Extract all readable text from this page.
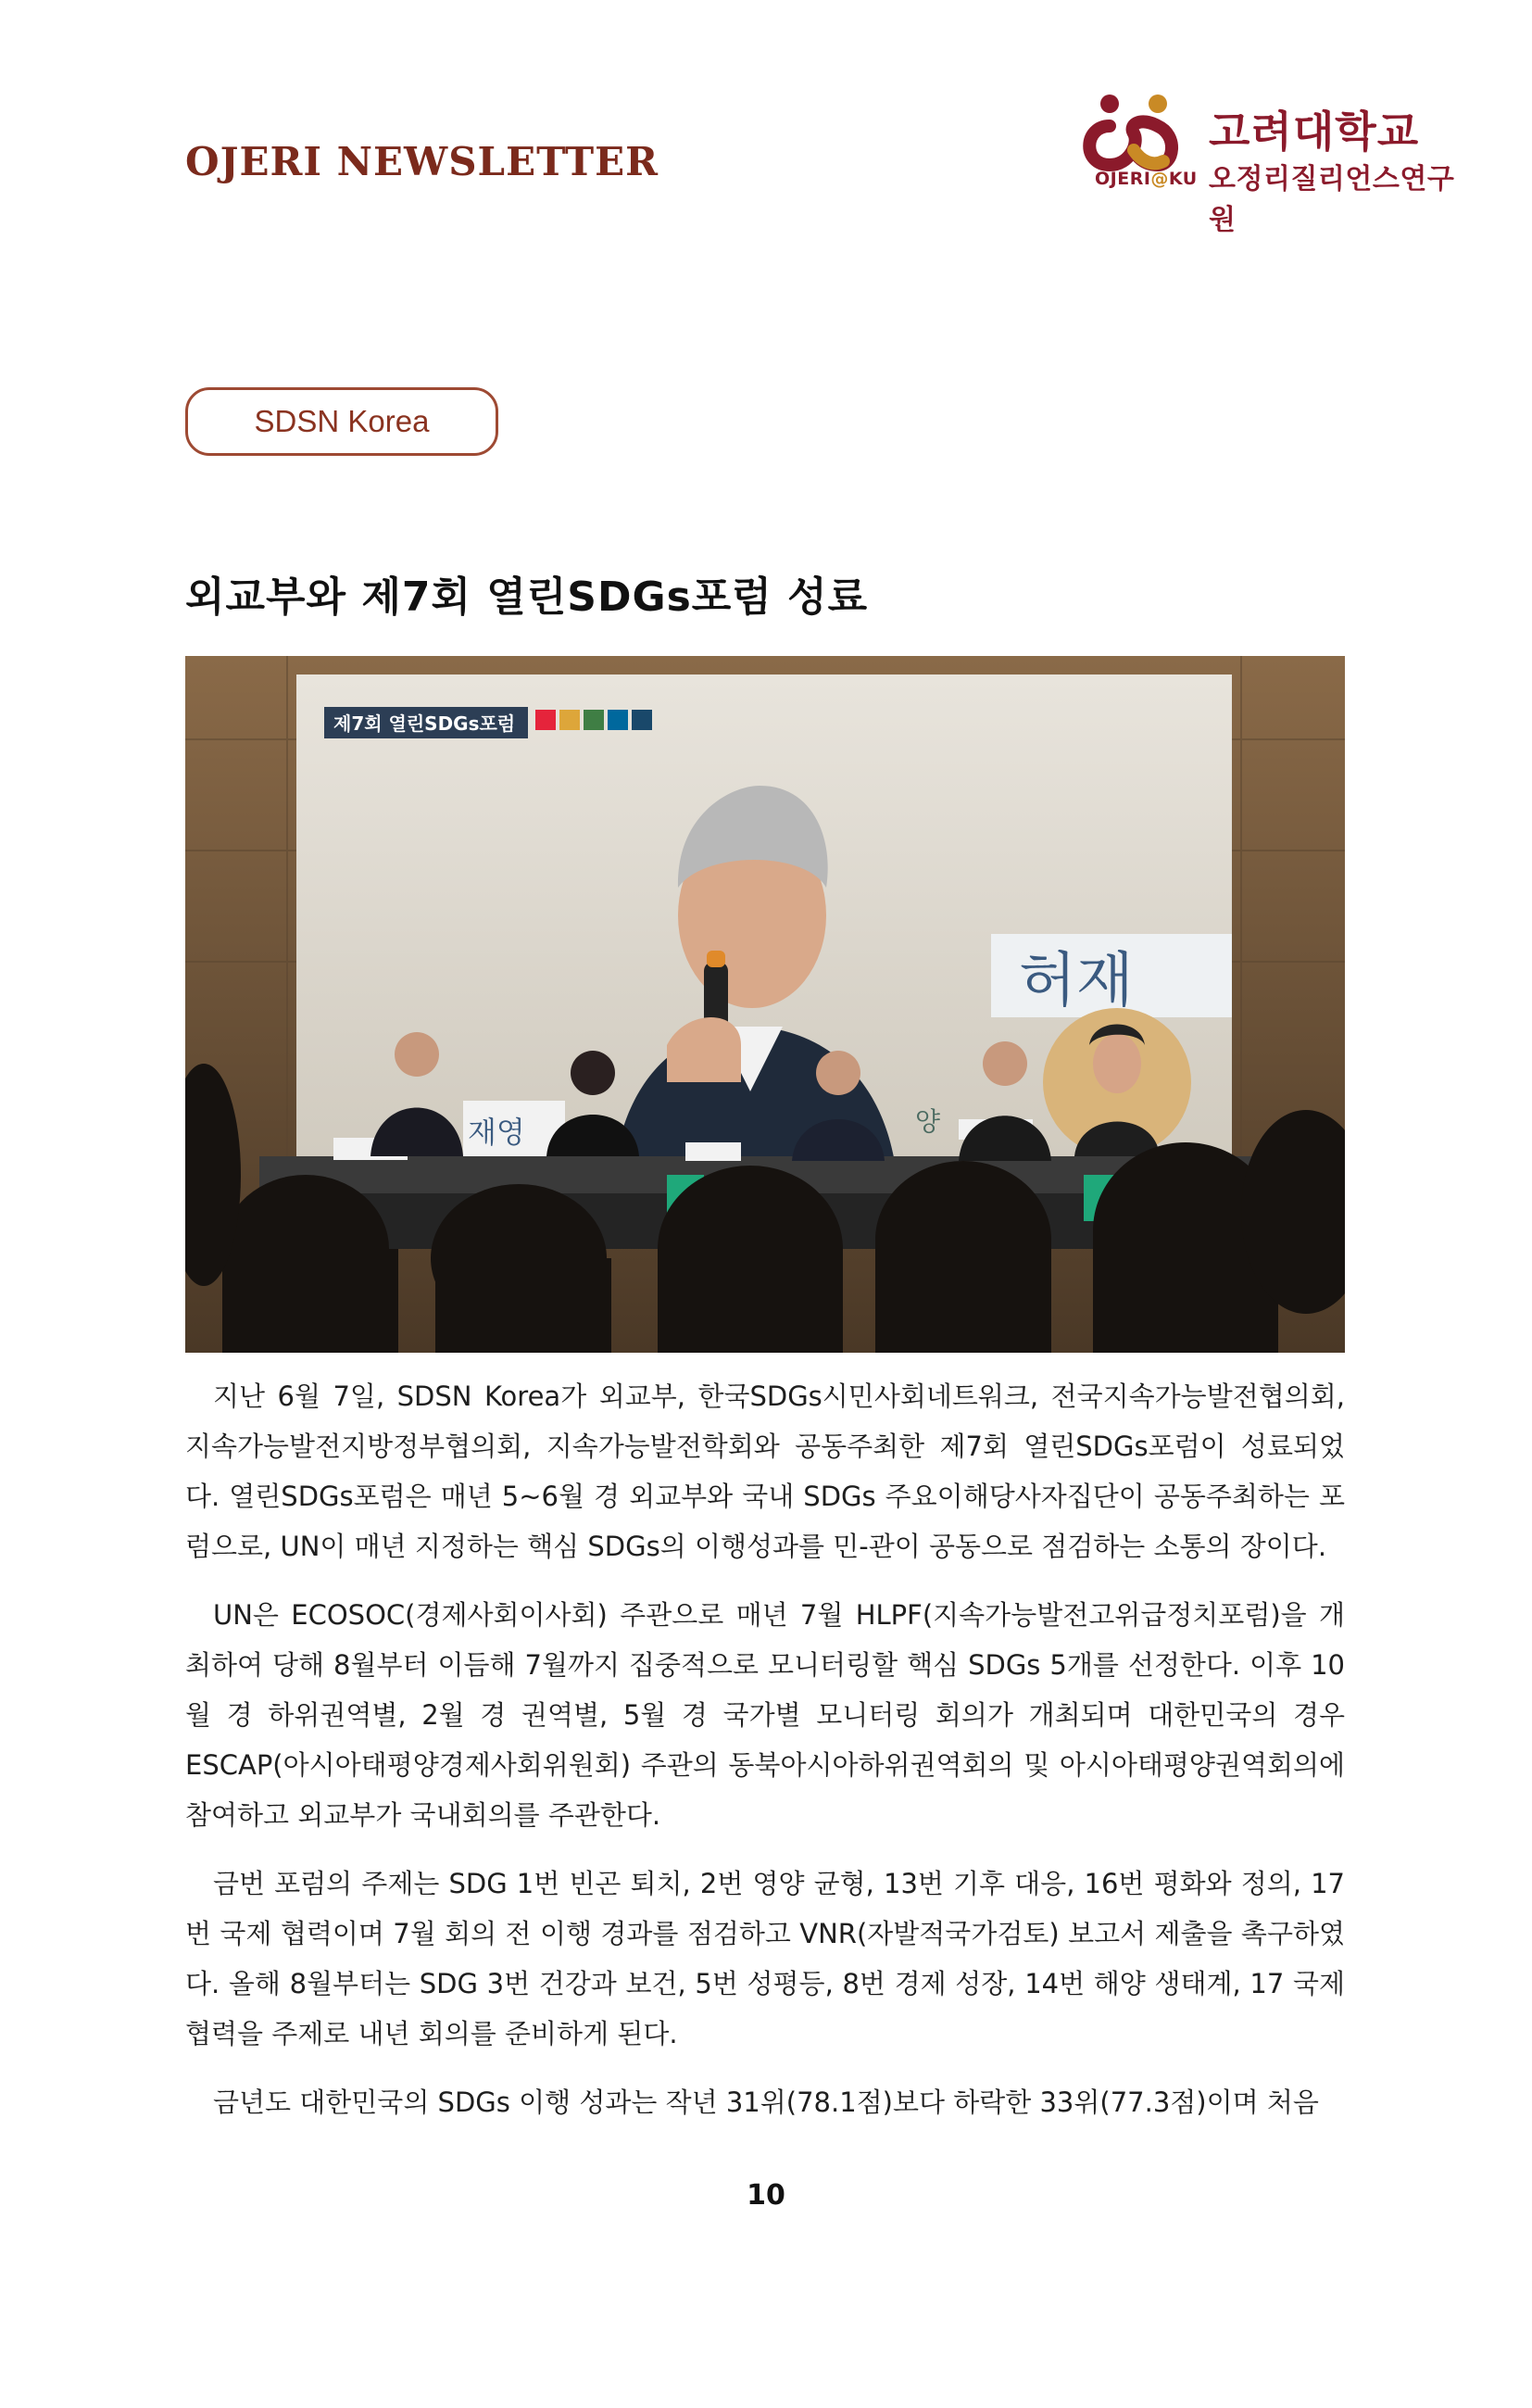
OJERI NEWSLETTER	OJERI@KU
고려대학교
오정리질리언스연구원
SDSN Korea
외교부와 제7회 열린SDGs포럼 성료
제7회 열린SDGs포럼
허재
재영	양

지난 6월 7일, SDSN Korea가 외교부, 한국SDGs시민사회네트워크, 전국지속가능발전협의회, 지속가능발전지방정부협의회, 지속가능발전학회와 공동주최한 제7회 열린SDGs포럼이 성료되었다. 열린SDGs포럼은 매년 5~6월 경 외교부와 국내 SDGs 주요이해당사자집단이 공동주최하는 포럼으로, UN이 매년 지정하는 핵심 SDGs의 이행성과를 민-관이 공동으로 점검하는 소통의 장이다.

UN은 ECOSOC(경제사회이사회) 주관으로 매년 7월 HLPF(지속가능발전고위급정치포럼)을 개최하여 당해 8월부터 이듬해 7월까지 집중적으로 모니터링할 핵심 SDGs 5개를 선정한다. 이후 10월 경 하위권역별, 2월 경 권역별, 5월 경 국가별 모니터링 회의가 개최되며 대한민국의 경우 ESCAP(아시아태평양경제사회위원회) 주관의 동북아시아하위권역회의 및 아시아태평양권역회의에 참여하고 외교부가 국내회의를 주관한다.

금번 포럼의 주제는 SDG 1번 빈곤 퇴치, 2번 영양 균형, 13번 기후 대응, 16번 평화와 정의, 17번 국제 협력이며 7월 회의 전 이행 경과를 점검하고 VNR(자발적국가검토) 보고서 제출을 촉구하였다. 올해 8월부터는 SDG 3번 건강과 보건, 5번 성평등, 8번 경제 성장, 14번 해양 생태계, 17 국제 협력을 주제로 내년 회의를 준비하게 된다.

금년도 대한민국의 SDGs 이행 성과는 작년 31위(78.1점)보다 하락한 33위(77.3점)이며 처음

10
